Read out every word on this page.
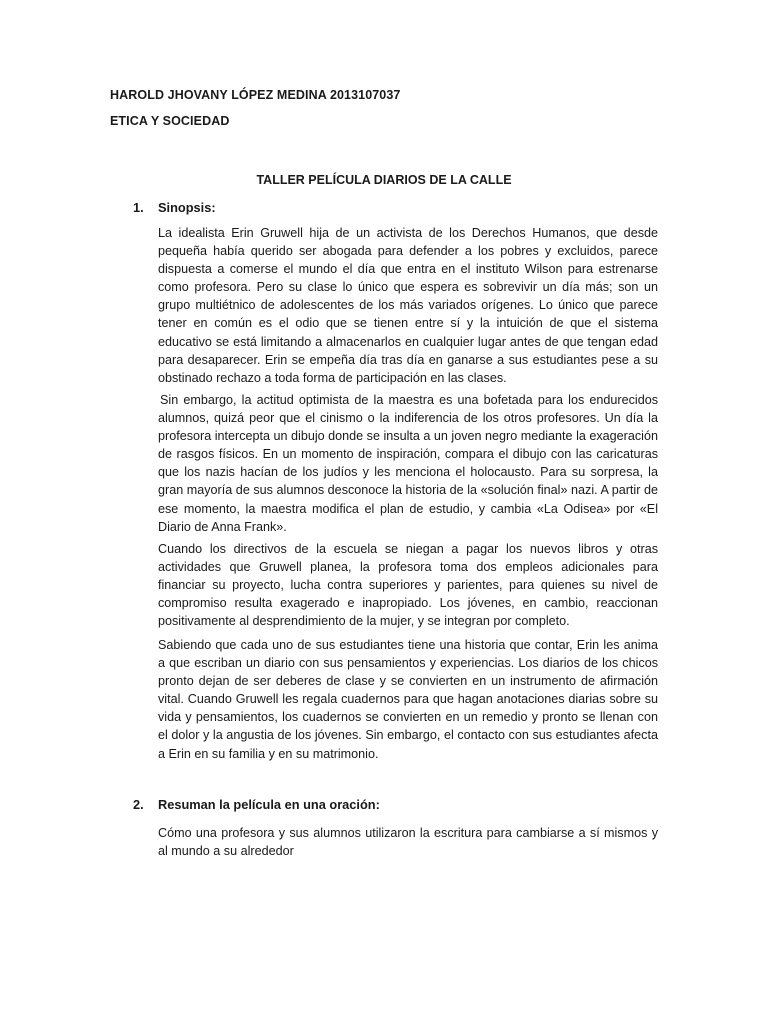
HAROLD JHOVANY LÓPEZ MEDINA 2013107037
ETICA Y SOCIEDAD
TALLER PELÍCULA DIARIOS DE LA CALLE
1. Sinopsis:

La idealista Erin Gruwell hija de un activista de los Derechos Humanos, que desde pequeña había querido ser abogada para defender a los pobres y excluidos, parece dispuesta a comerse el mundo el día que entra en el instituto Wilson para estrenarse como profesora. Pero su clase lo único que espera es sobrevivir un día más; son un grupo multiétnico de adolescentes de los más variados orígenes. Lo único que parece tener en común es el odio que se tienen entre sí y la intuición de que el sistema educativo se está limitando a almacenarlos en cualquier lugar antes de que tengan edad para desaparecer. Erin se empeña día tras día en ganarse a sus estudiantes pese a su obstinado rechazo a toda forma de participación en las clases.

Sin embargo, la actitud optimista de la maestra es una bofetada para los endurecidos alumnos, quizá peor que el cinismo o la indiferencia de los otros profesores. Un día la profesora intercepta un dibujo donde se insulta a un joven negro mediante la exageración de rasgos físicos. En un momento de inspiración, compara el dibujo con las caricaturas que los nazis hacían de los judíos y les menciona el holocausto. Para su sorpresa, la gran mayoría de sus alumnos desconoce la historia de la «solución final» nazi. A partir de ese momento, la maestra modifica el plan de estudio, y cambia «La Odisea» por «El Diario de Anna Frank».

Cuando los directivos de la escuela se niegan a pagar los nuevos libros y otras actividades que Gruwell planea, la profesora toma dos empleos adicionales para financiar su proyecto, lucha contra superiores y parientes, para quienes su nivel de compromiso resulta exagerado e inapropiado. Los jóvenes, en cambio, reaccionan positivamente al desprendimiento de la mujer, y se integran por completo.

Sabiendo que cada uno de sus estudiantes tiene una historia que contar, Erin les anima a que escriban un diario con sus pensamientos y experiencias. Los diarios de los chicos pronto dejan de ser deberes de clase y se convierten en un instrumento de afirmación vital. Cuando Gruwell les regala cuadernos para que hagan anotaciones diarias sobre su vida y pensamientos, los cuadernos se convierten en un remedio y pronto se llenan con el dolor y la angustia de los jóvenes. Sin embargo, el contacto con sus estudiantes afecta a Erin en su familia y en su matrimonio.

2. Resuman la película en una oración:

Cómo una profesora y sus alumnos utilizaron la escritura para cambiarse a sí mismos y al mundo a su alrededor
